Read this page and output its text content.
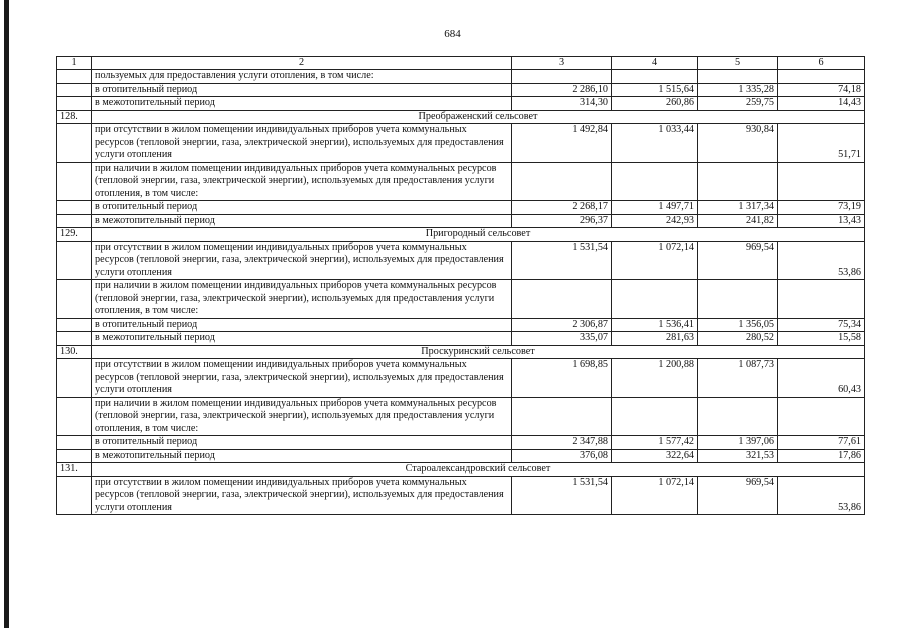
684
1	2	3	4	5	6
	пользуемых для предоставления услуги отопления, в том числе:				
	в отопительный период	2 286,10	1 515,64	1 335,28	74,18
	в межотопительный период	314,30	260,86	259,75	14,43
128.	Преображенский сельсовет				
	при отсутствии в жилом помещении индивидуальных приборов учета коммунальных ресурсов (тепловой энергии, газа, электрической энергии), используемых для предоставления услуги отопления	1 492,84	1 033,44	930,84	51,71
	при наличии в жилом помещении индивидуальных приборов учета коммунальных ресурсов (тепловой энергии, газа, электрической энергии), используемых для предоставления услуги отопления, в том числе:				
	в отопительный период	2 268,17	1 497,71	1 317,34	73,19
	в межотопительный период	296,37	242,93	241,82	13,43
129.	Пригородный сельсовет				
	при отсутствии в жилом помещении индивидуальных приборов учета коммунальных ресурсов (тепловой энергии, газа, электрической энергии), используемых для предоставления услуги отопления	1 531,54	1 072,14	969,54	53,86
	при наличии в жилом помещении индивидуальных приборов учета коммунальных ресурсов (тепловой энергии, газа, электрической энергии), используемых для предоставления услуги отопления, в том числе:				
	в отопительный период	2 306,87	1 536,41	1 356,05	75,34
	в межотопительный период	335,07	281,63	280,52	15,58
130.	Проскуринский сельсовет				
	при отсутствии в жилом помещении индивидуальных приборов учета коммунальных ресурсов (тепловой энергии, газа, электрической энергии), используемых для предоставления услуги отопления	1 698,85	1 200,88	1 087,73	60,43
	при наличии в жилом помещении индивидуальных приборов учета коммунальных ресурсов (тепловой энергии, газа, электрической энергии), используемых для предоставления услуги отопления, в том числе:				
	в отопительный период	2 347,88	1 577,42	1 397,06	77,61
	в межотопительный период	376,08	322,64	321,53	17,86
131.	Староалександровский сельсовет				
	при отсутствии в жилом помещении индивидуальных приборов учета коммунальных ресурсов (тепловой энергии, газа, электрической энергии), используемых для предоставления услуги отопления	1 531,54	1 072,14	969,54	53,86
